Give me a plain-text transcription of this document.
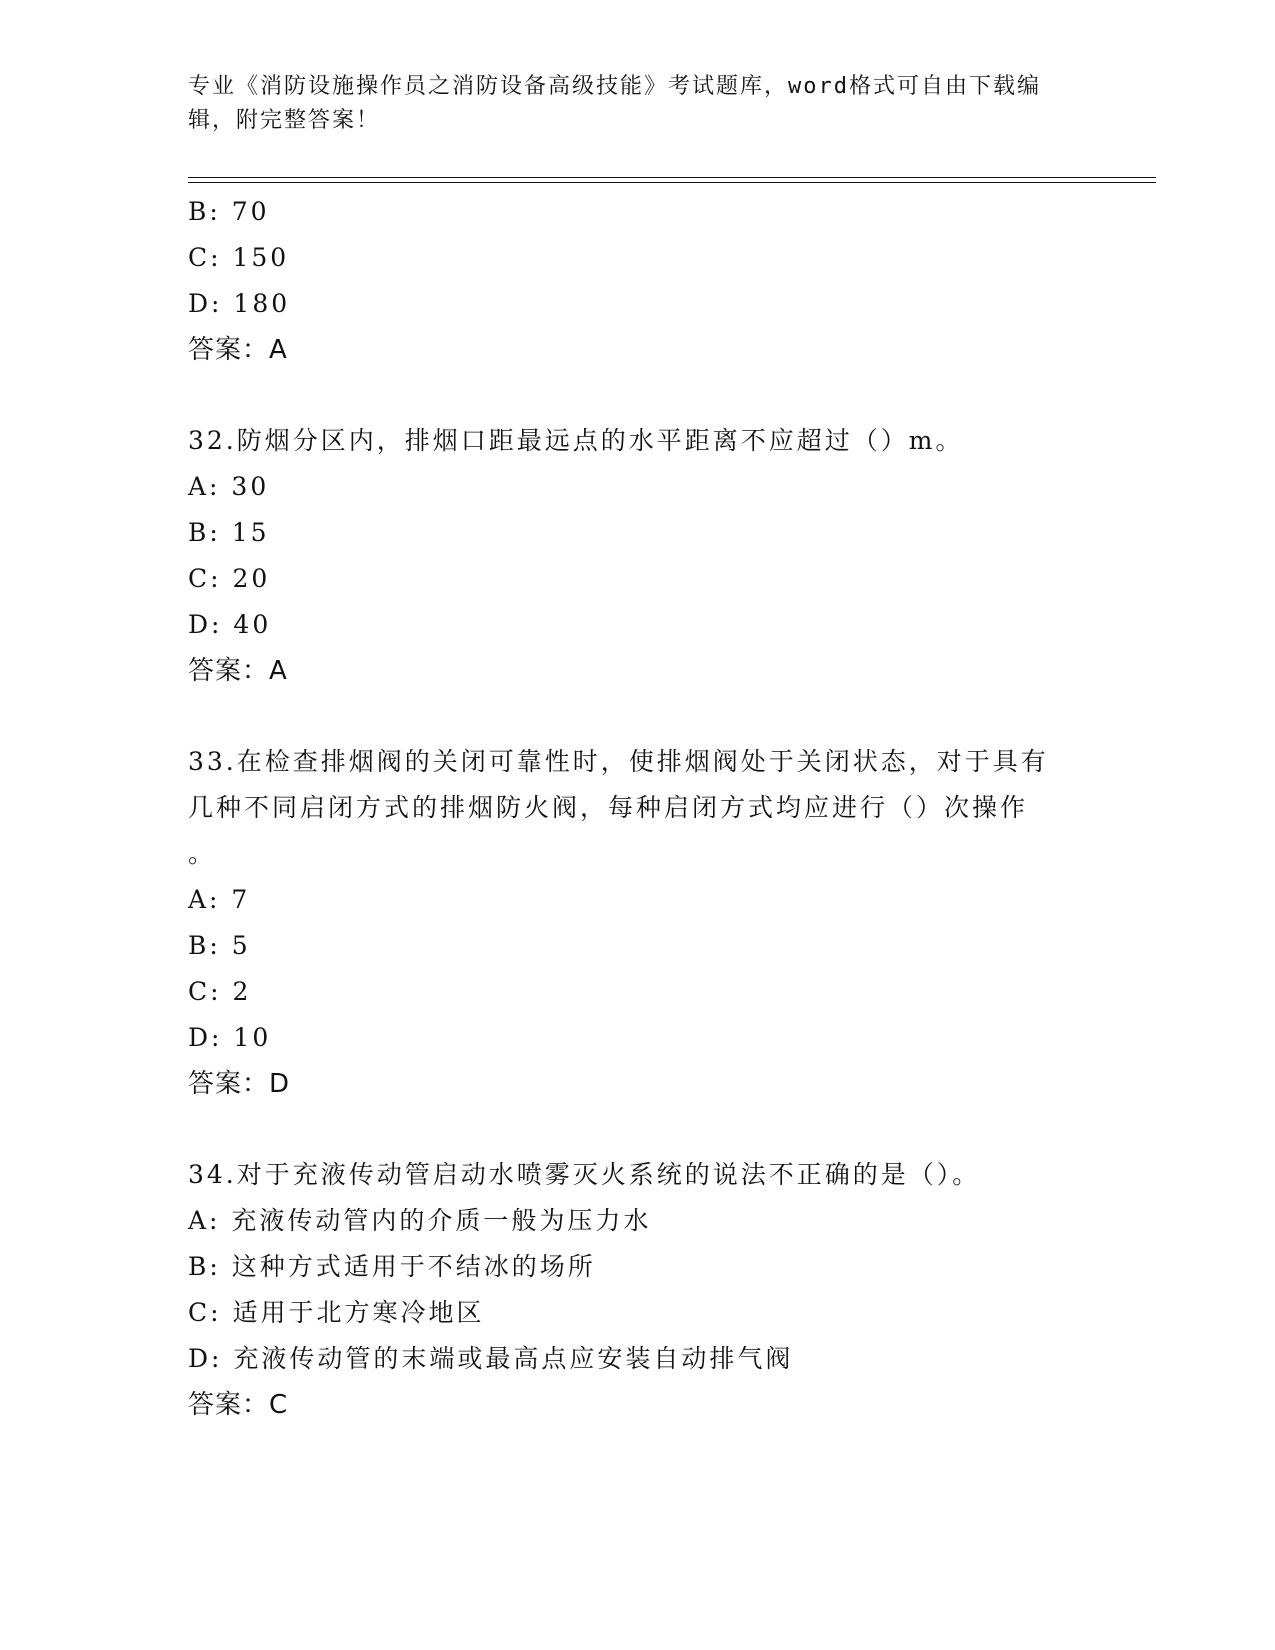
专业《消防设施操作员之消防设备高级技能》考试题库，word格式可自由下载编辑，附完整答案！
B: 70
C: 150
D: 180
答案：A
32.防烟分区内，排烟口距最远点的水平距离不应超过（）m。
A: 30
B: 15
C: 20
D: 40
答案：A
33.在检查排烟阀的关闭可靠性时，使排烟阀处于关闭状态，对于具有
几种不同启闭方式的排烟防火阀，每种启闭方式均应进行（）次操作
。
A: 7
B: 5
C: 2
D: 10
答案：D
34.对于充液传动管启动水喷雾灭火系统的说法不正确的是（）。
A: 充液传动管内的介质一般为压力水
B: 这种方式适用于不结冰的场所
C: 适用于北方寒冷地区
D: 充液传动管的末端或最高点应安装自动排气阀
答案：C
